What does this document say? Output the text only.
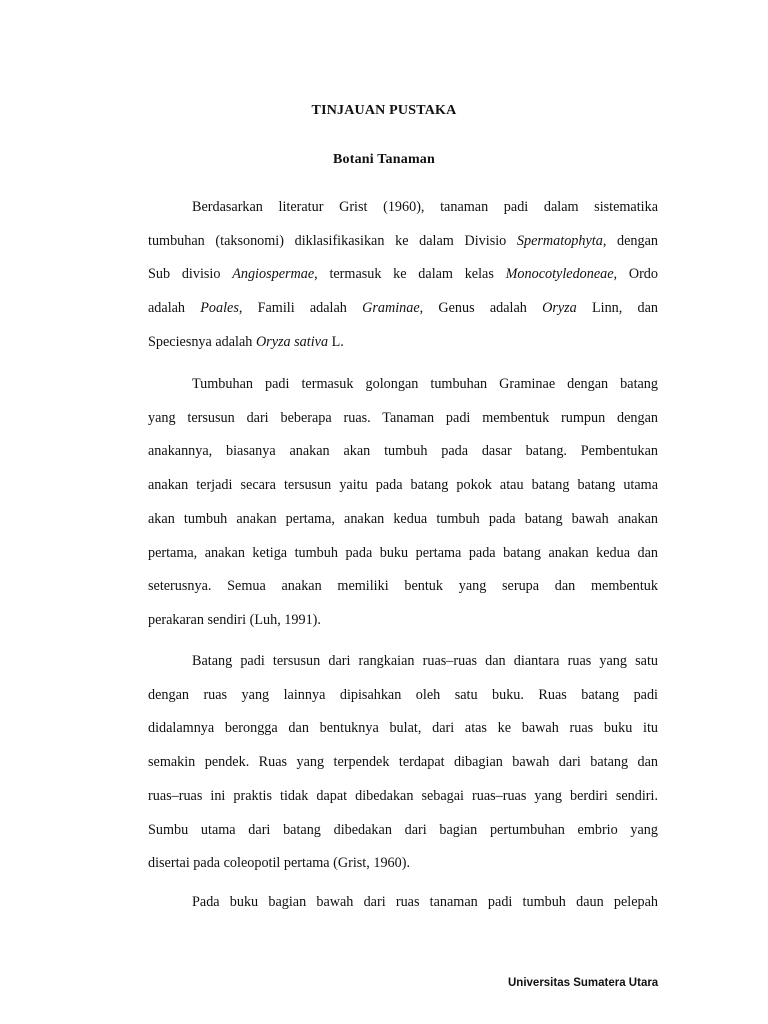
TINJAUAN PUSTAKA
Botani Tanaman
Berdasarkan literatur Grist (1960), tanaman padi dalam sistematika
tumbuhan (taksonomi) diklasifikasikan ke dalam Divisio Spermatophyta, dengan
Sub divisio Angiospermae, termasuk ke dalam kelas Monocotyledoneae, Ordo
adalah Poales, Famili adalah Graminae, Genus adalah Oryza Linn, dan
Speciesnya adalah Oryza sativa L.
Tumbuhan padi termasuk golongan tumbuhan Graminae dengan batang
yang tersusun dari beberapa ruas. Tanaman padi membentuk rumpun dengan
anakannya, biasanya anakan akan tumbuh pada dasar batang. Pembentukan
anakan terjadi secara tersusun yaitu pada batang pokok atau batang batang utama
akan tumbuh anakan pertama, anakan kedua tumbuh pada batang bawah anakan
pertama, anakan ketiga tumbuh pada buku pertama pada batang anakan kedua dan
seterusnya. Semua anakan memiliki bentuk yang serupa dan membentuk
perakaran sendiri (Luh, 1991).
Batang padi tersusun dari rangkaian ruas–ruas dan diantara ruas yang satu
dengan ruas yang lainnya dipisahkan oleh satu buku. Ruas batang padi
didalamnya berongga dan bentuknya bulat, dari atas ke bawah ruas buku itu
semakin pendek. Ruas yang terpendek terdapat dibagian bawah dari batang dan
ruas–ruas ini praktis tidak dapat dibedakan sebagai ruas–ruas yang berdiri sendiri.
Sumbu utama dari batang dibedakan dari bagian pertumbuhan embrio yang
disertai pada coleopotil pertama (Grist, 1960).
Pada buku bagian bawah dari ruas tanaman padi tumbuh daun pelepah
Universitas Sumatera Utara
